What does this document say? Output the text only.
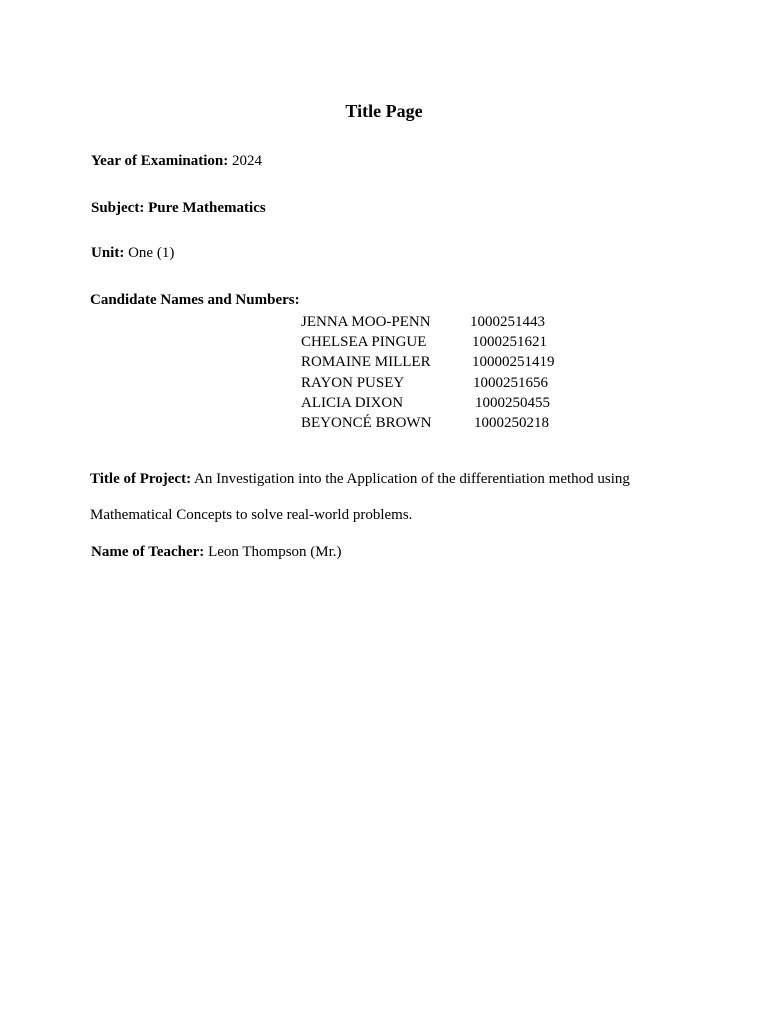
Title Page
Year of Examination: 2024
Subject: Pure Mathematics
Unit: One (1)
Candidate Names and Numbers:
JENNA MOO-PENN	1000251443
CHELSEA PINGUE	1000251621
ROMAINE MILLER	10000251419
RAYON PUSEY	1000251656
ALICIA DIXON	1000250455
BEYONCÉ BROWN	1000250218
Title of Project: An Investigation into the Application of the differentiation method using
Mathematical Concepts to solve real-world problems.
Name of Teacher: Leon Thompson (Mr.)
